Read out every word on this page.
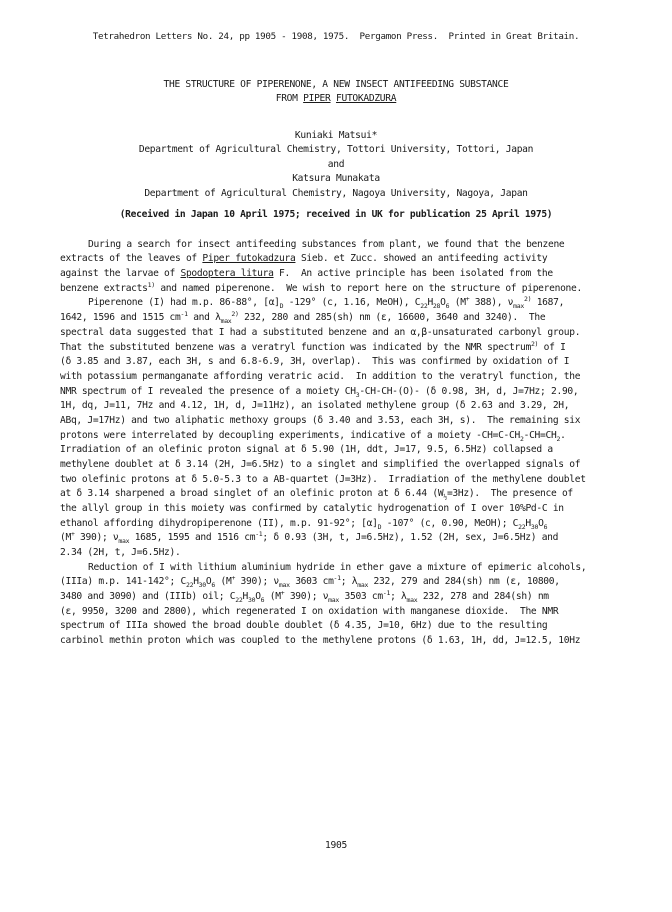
Tetrahedron Letters No. 24, pp 1905 - 1908, 1975.  Pergamon Press.  Printed in Great Britain.
THE STRUCTURE OF PIPERENONE, A NEW INSECT ANTIFEEDING SUBSTANCE
FROM PIPER FUTOKADZURA
Kuniaki Matsui*
Department of Agricultural Chemistry, Tottori University, Tottori, Japan
and
Katsura Munakata
Department of Agricultural Chemistry, Nagoya University, Nagoya, Japan
(Received in Japan 10 April 1975; received in UK for publication 25 April 1975)
During a search for insect antifeeding substances from plant, we found that the benzene
extracts of the leaves of Piper futokadzura Sieb. et Zucc. showed an antifeeding activity
against the larvae of Spodoptera litura F.  An active principle has been isolated from the
benzene extracts$^{1)}$ and named piperenone.  We wish to report here on the structure of piperenone.
Piperenone (I) had m.p. 86-88°, $[\alpha]_D$ -129° (c, 1.16, MeOH), $C_{22}H_{28}O_6$ (M+ 388), $\nu_{max}^{2)}$ 1687,
1642, 1596 and 1515 $cm^{-1}$ and $\lambda_{max}^{2)}$ 232, 280 and 285(sh) nm (ε, 16600, 3640 and 3240).  The
spectral data suggested that I had a substituted benzene and an α,β-unsaturated carbonyl group.
That the substituted benzene was a veratryl function was indicated by the NMR spectrum$^{2)}$ of I
(δ 3.85 and 3.87, each 3H, s and 6.8-6.9, 3H, overlap).  This was confirmed by oxidation of I
with potassium permanganate affording veratric acid.  In addition to the veratryl function, the
NMR spectrum of I revealed the presence of a moiety $CH_3-CH-CH-(O)-$ (δ 0.98, 3H, d, J=7Hz; 2.90,
1H, dq, J=11, 7Hz and 4.12, 1H, d, J=11Hz), an isolated methylene group (δ 2.63 and 3.29, 2H,
ABq, J=17Hz) and two aliphatic methoxy groups (δ 3.40 and 3.53, each 3H, s).  The remaining six
protons were interrelated by decoupling experiments, indicative of a moiety $-CH=C-CH_2-CH=CH_2$.
Irradiation of an olefinic proton signal at δ 5.90 (1H, ddt, J=17, 9.5, 6.5Hz) collapsed a
methylene doublet at δ 3.14 (2H, J=6.5Hz) to a singlet and simplified the overlapped signals of
two olefinic protons at δ 5.0-5.3 to a AB-quartet (J=3Hz).  Irradiation of the methylene doublet
at δ 3.14 sharpened a broad singlet of an olefinic proton at δ 6.44 $(W_{\frac{1}{2}}=3Hz)$.  The presence of
the allyl group in this moiety was confirmed by catalytic hydrogenation of I over 10%Pd-C in
ethanol affording dihydropiperenone (II), m.p. 91-92°; $[\alpha]_D$ -107° (c, 0.90, MeOH); $C_{22}H_{30}O_6$
(M+ 390); $\nu_{max}$ 1685, 1595 and 1516 $cm^{-1}$; δ 0.93 (3H, t, J=6.5Hz), 1.52 (2H, sex, J=6.5Hz) and
2.34 (2H, t, J=6.5Hz).
Reduction of I with lithium aluminium hydride in ether gave a mixture of epimeric alcohols,
(IIIa) m.p. 141-142°; $C_{22}H_{30}O_6$ (M+ 390); $\nu_{max}$ 3603 $cm^{-1}$; $\lambda_{max}$ 232, 279 and 284(sh) nm (ε, 10800,
3480 and 3090) and (IIIb) oil; $C_{22}H_{30}O_6$ (M+ 390); $\nu_{max}$ 3503 $cm^{-1}$; $\lambda_{max}$ 232, 278 and 284(sh) nm
(ε, 9950, 3200 and 2800), which regenerated I on oxidation with manganese dioxide.  The NMR
spectrum of IIIa showed the broad double doublet (δ 4.35, J=10, 6Hz) due to the resulting
carbinol methin proton which was coupled to the methylene protons (δ 1.63, 1H, dd, J=12.5, 10Hz
1905
